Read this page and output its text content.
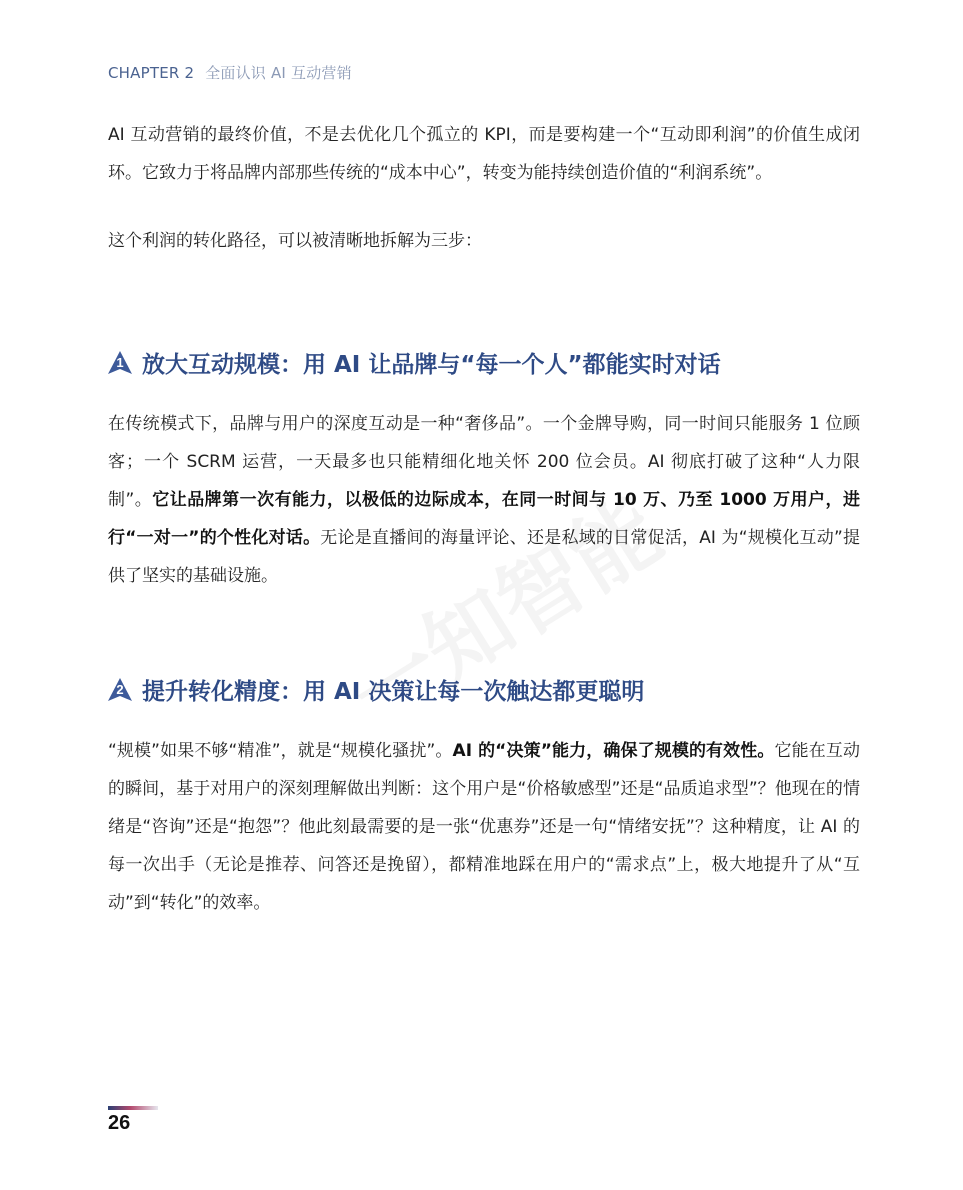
CHAPTER 2 全面认识 AI 互动营销

AI 互动营销的最终价值，不是去优化几个孤立的 KPI，而是要构建一个“互动即利润”的价值生成闭环。它致力于将品牌内部那些传统的“成本中心”，转变为能持续创造价值的“利润系统”。

这个利润的转化路径，可以被清晰地拆解为三步：

1 放大互动规模：用 AI 让品牌与“每一个人”都能实时对话

在传统模式下，品牌与用户的深度互动是一种“奢侈品”。一个金牌导购，同一时间只能服务 1 位顾客；一个 SCRM 运营，一天最多也只能精细化地关怀 200 位会员。AI 彻底打破了这种“人力限制”。它让品牌第一次有能力，以极低的边际成本，在同一时间与 10 万、乃至 1000 万用户，进行“一对一”的个性化对话。无论是直播间的海量评论、还是私域的日常促活，AI 为“规模化互动”提供了坚实的基础设施。

2 提升转化精度：用 AI 决策让每一次触达都更聪明

“规模”如果不够“精准”，就是“规模化骚扰”。AI 的“决策”能力，确保了规模的有效性。它能在互动的瞬间，基于对用户的深刻理解做出判断：这个用户是“价格敏感型”还是“品质追求型”？他现在的情绪是“咨询”还是“抱怨”？他此刻最需要的是一张“优惠券”还是一句“情绪安抚”？这种精度，让 AI 的每一次出手（无论是推荐、问答还是挽留），都精准地踩在用户的“需求点”上，极大地提升了从“互动”到“转化”的效率。

26
